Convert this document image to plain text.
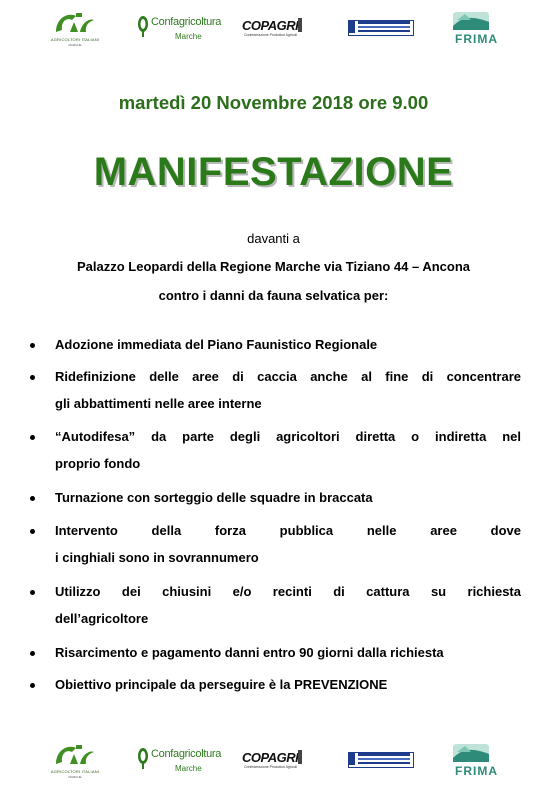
AGRICOLTORI ITALIANI
MARCHE
Confagricoltura
Marche
COPAGRI
Confederazione Produttori Agricoli	FRIMA
martedì 20 Novembre 2018 ore 9.00
MANIFESTAZIONE
davanti a
Palazzo Leopardi della Regione Marche via Tiziano 44 – Ancona
contro i danni da fauna selvatica per:
Adozione immediata del Piano Faunistico Regionale
Ridefinizione delle aree di caccia anche al fine di concentrare
gli abbattimenti nelle aree interne
“Autodifesa” da parte degli agricoltori diretta o indiretta nel
proprio fondo
Turnazione con sorteggio delle squadre in braccata
Intervento della forza pubblica nelle aree dove
i cinghiali sono in sovrannumero
Utilizzo dei chiusini e/o recinti di cattura su richiesta
dell’agricoltore
Risarcimento e pagamento danni entro 90 giorni dalla richiesta
Obiettivo principale da perseguire è la PREVENZIONE
AGRICOLTORI ITALIANI
MARCHE
Confagricoltura
Marche
COPAGRI
Confederazione Produttori Agricoli	FRIMA
